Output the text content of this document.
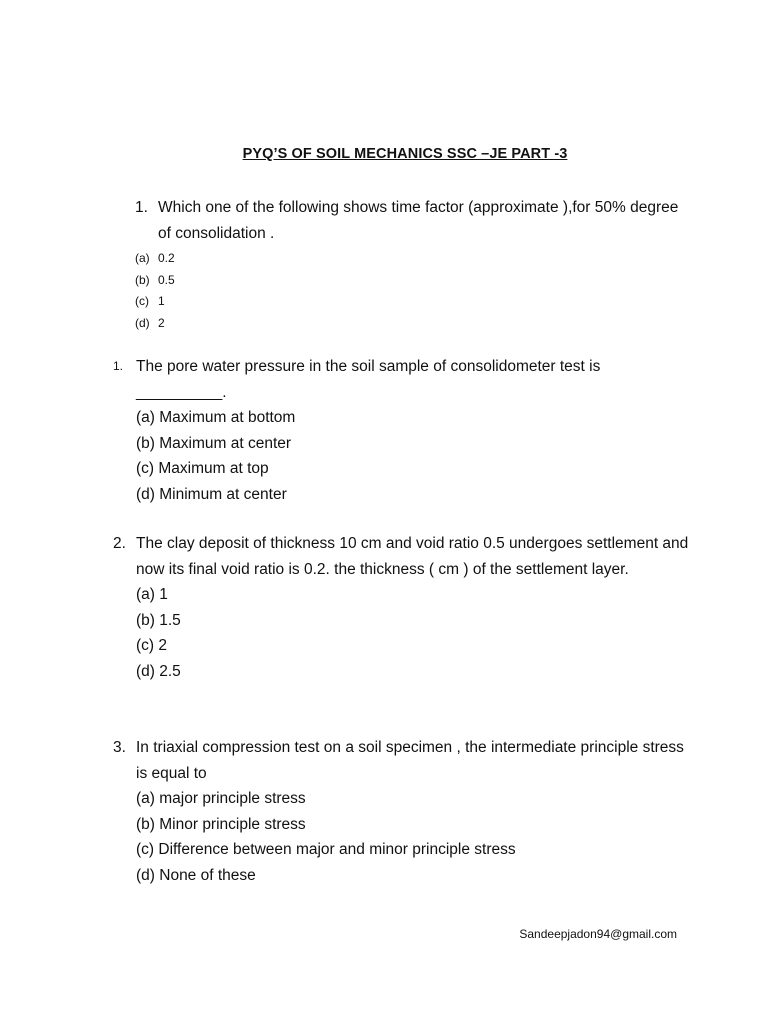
PYQ’S OF SOIL MECHANICS SSC –JE PART -3
1. Which one of the following shows time factor (approximate ),for 50% degree of consolidation .
(a) 0.2
(b) 0.5
(c) 1
(d) 2
1. The pore water pressure in the soil sample of consolidometer test is __________.
(a) Maximum at bottom
(b) Maximum at center
(c) Maximum at top
(d) Minimum at center
2. The clay deposit of thickness 10 cm and void ratio 0.5 undergoes settlement and now its final void ratio is 0.2. the thickness ( cm ) of the settlement layer.
(a) 1
(b) 1.5
(c) 2
(d) 2.5
3. In triaxial compression test on a soil specimen , the intermediate principle stress is equal to
(a) major principle stress
(b) Minor principle stress
(c) Difference between major and minor principle stress
(d) None of these
Sandeepjadon94@gmail.com
